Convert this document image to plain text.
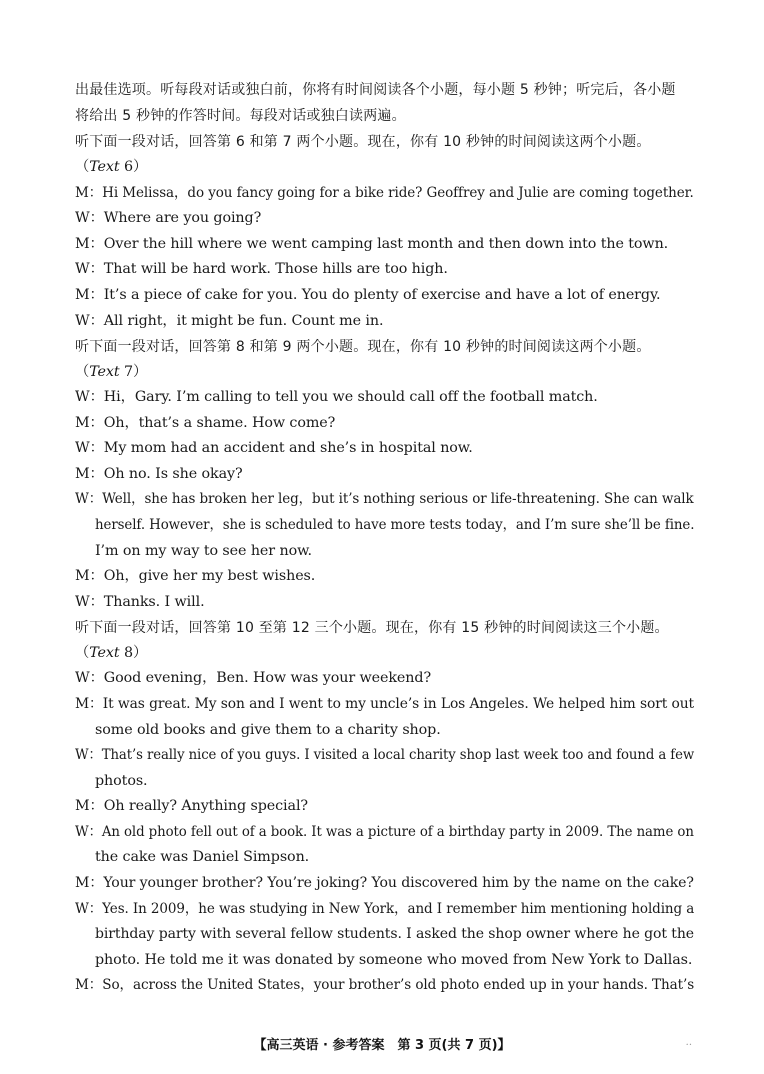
出最佳选项。听每段对话或独白前，你将有时间阅读各个小题，每小题 5 秒钟；听完后，各小题
将给出 5 秒钟的作答时间。每段对话或独白读两遍。
听下面一段对话，回答第 6 和第 7 两个小题。现在，你有 10 秒钟的时间阅读这两个小题。
（Text 6）
M：Hi Melissa，do you fancy going for a bike ride? Geoffrey and Julie are coming together.
W：Where are you going?
M：Over the hill where we went camping last month and then down into the town.
W：That will be hard work. Those hills are too high.
M：It’s a piece of cake for you. You do plenty of exercise and have a lot of energy.
W：All right，it might be fun. Count me in.
听下面一段对话，回答第 8 和第 9 两个小题。现在，你有 10 秒钟的时间阅读这两个小题。
（Text 7）
W：Hi，Gary. I’m calling to tell you we should call off the football match.
M：Oh，that’s a shame. How come?
W：My mom had an accident and she’s in hospital now.
M：Oh no. Is she okay?
W：Well，she has broken her leg，but it’s nothing serious or life-threatening. She can walk
herself. However，she is scheduled to have more tests today，and I’m sure she’ll be fine.
I’m on my way to see her now.
M：Oh，give her my best wishes.
W：Thanks. I will.
听下面一段对话，回答第 10 至第 12 三个小题。现在，你有 15 秒钟的时间阅读这三个小题。
（Text 8）
W：Good evening，Ben. How was your weekend?
M：It was great. My son and I went to my uncle’s in Los Angeles. We helped him sort out
some old books and give them to a charity shop.
W：That’s really nice of you guys. I visited a local charity shop last week too and found a few
photos.
M：Oh really? Anything special?
W：An old photo fell out of a book. It was a picture of a birthday party in 2009. The name on
the cake was Daniel Simpson.
M：Your younger brother? You’re joking? You discovered him by the name on the cake?
W：Yes. In 2009，he was studying in New York，and I remember him mentioning holding a
birthday party with several fellow students. I asked the shop owner where he got the
photo. He told me it was donated by someone who moved from New York to Dallas.
M：So，across the United States，your brother’s old photo ended up in your hands. That’s
【高三英语 · 参考答案　第 3 页(共 7 页)】	··
